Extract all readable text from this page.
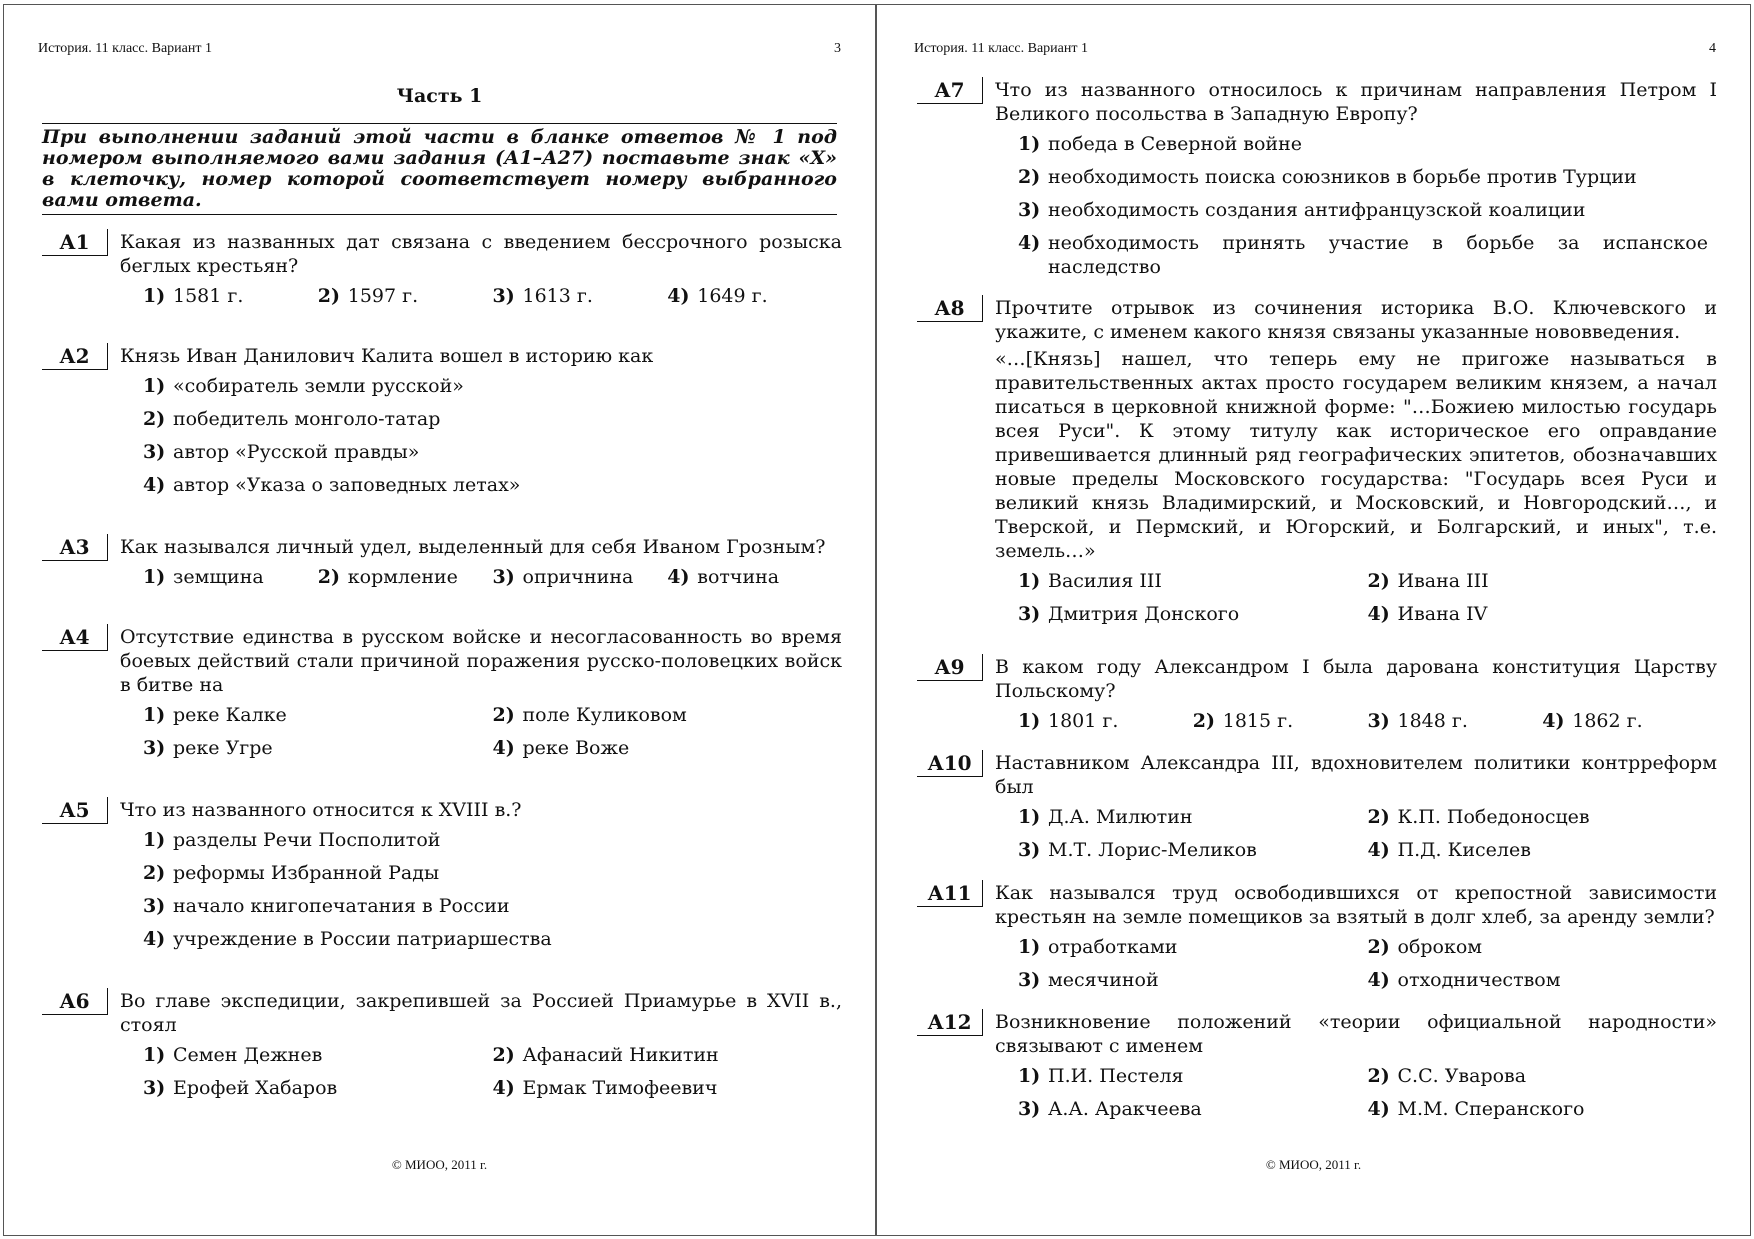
История. 11 класс. Вариант 1	3
Часть 1
При выполнении заданий этой части в бланке ответов № 1 под номером выполняемого вами задания (А1–А27) поставьте знак «Х» в клеточку, номер которой соответствует номеру выбранного вами ответа.
А1	Какая из названных дат связана с введением бессрочного розыска беглых крестьян?
1) 1581 г.	2) 1597 г.	3) 1613 г.	4) 1649 г.
А2	Князь Иван Данилович Калита вошел в историю как
1) «собиратель земли русской»
2) победитель монголо-татар
3) автор «Русской правды»
4) автор «Указа о заповедных летах»
А3	Как назывался личный удел, выделенный для себя Иваном Грозным?
1) земщина	2) кормление 3) опричнина 4) вотчина
А4	Отсутствие единства в русском войске и несогласованность во время боевых действий стали причиной поражения русско-половецких войск в битве на
1) реке Калке	2) поле Куликовом
3) реке Угре	4) реке Воже
А5	Что из названного относится к XVIII в.?
1) разделы Речи Посполитой
2) реформы Избранной Рады
3) начало книгопечатания в России
4) учреждение в России патриаршества
А6	Во главе экспедиции, закрепившей за Россией Приамурье в XVII в., стоял
1) Семен Дежнев	2) Афанасий Никитин
3) Ерофей Хабаров	4) Ермак Тимофеевич
© МИОО, 2011 г.
История. 11 класс. Вариант 1	4
А7	Что из названного относилось к причинам направления Петром I Великого посольства в Западную Европу?
1) победа в Северной войне
2) необходимость поиска союзников в борьбе против Турции
3) необходимость создания антифранцузской коалиции
4) необходимость принять участие в борьбе за испанское наследство
А8	Прочтите отрывок из сочинения историка В.О. Ключевского и укажите, с именем какого князя связаны указанные нововведения.
«…[Князь] нашел, что теперь ему не пригоже называться в правительственных актах просто государем великим князем, а начал писаться в церковной книжной форме: "…Божиею милостью государь всея Руси". К этому титулу как историческое его оправдание привешивается длинный ряд географических эпитетов, обозначавших новые пределы Московского государства: "Государь всея Руси и великий князь Владимирский, и Московский, и Новгородский…, и Тверской, и Пермский, и Югорский, и Болгарский, и иных", т.е. земель…»
1) Василия III	2) Ивана III
3) Дмитрия Донского	4) Ивана IV
А9	В каком году Александром I была дарована конституция Царству Польскому?
1) 1801 г.	2) 1815 г.	3) 1848 г.	4) 1862 г.
А10	Наставником Александра III, вдохновителем политики контрреформ был
1) Д.А. Милютин	2) К.П. Победоносцев
3) М.Т. Лорис-Меликов	4) П.Д. Киселев
А11	Как назывался труд освободившихся от крепостной зависимости крестьян на земле помещиков за взятый в долг хлеб, за аренду земли?
1) отработками	2) оброком
3) месячиной	4) отходничеством
А12	Возникновение положений «теории официальной народности» связывают с именем
1) П.И. Пестеля	2) С.С. Уварова
3) А.А. Аракчеева	4) М.М. Сперанского
© МИОО, 2011 г.
